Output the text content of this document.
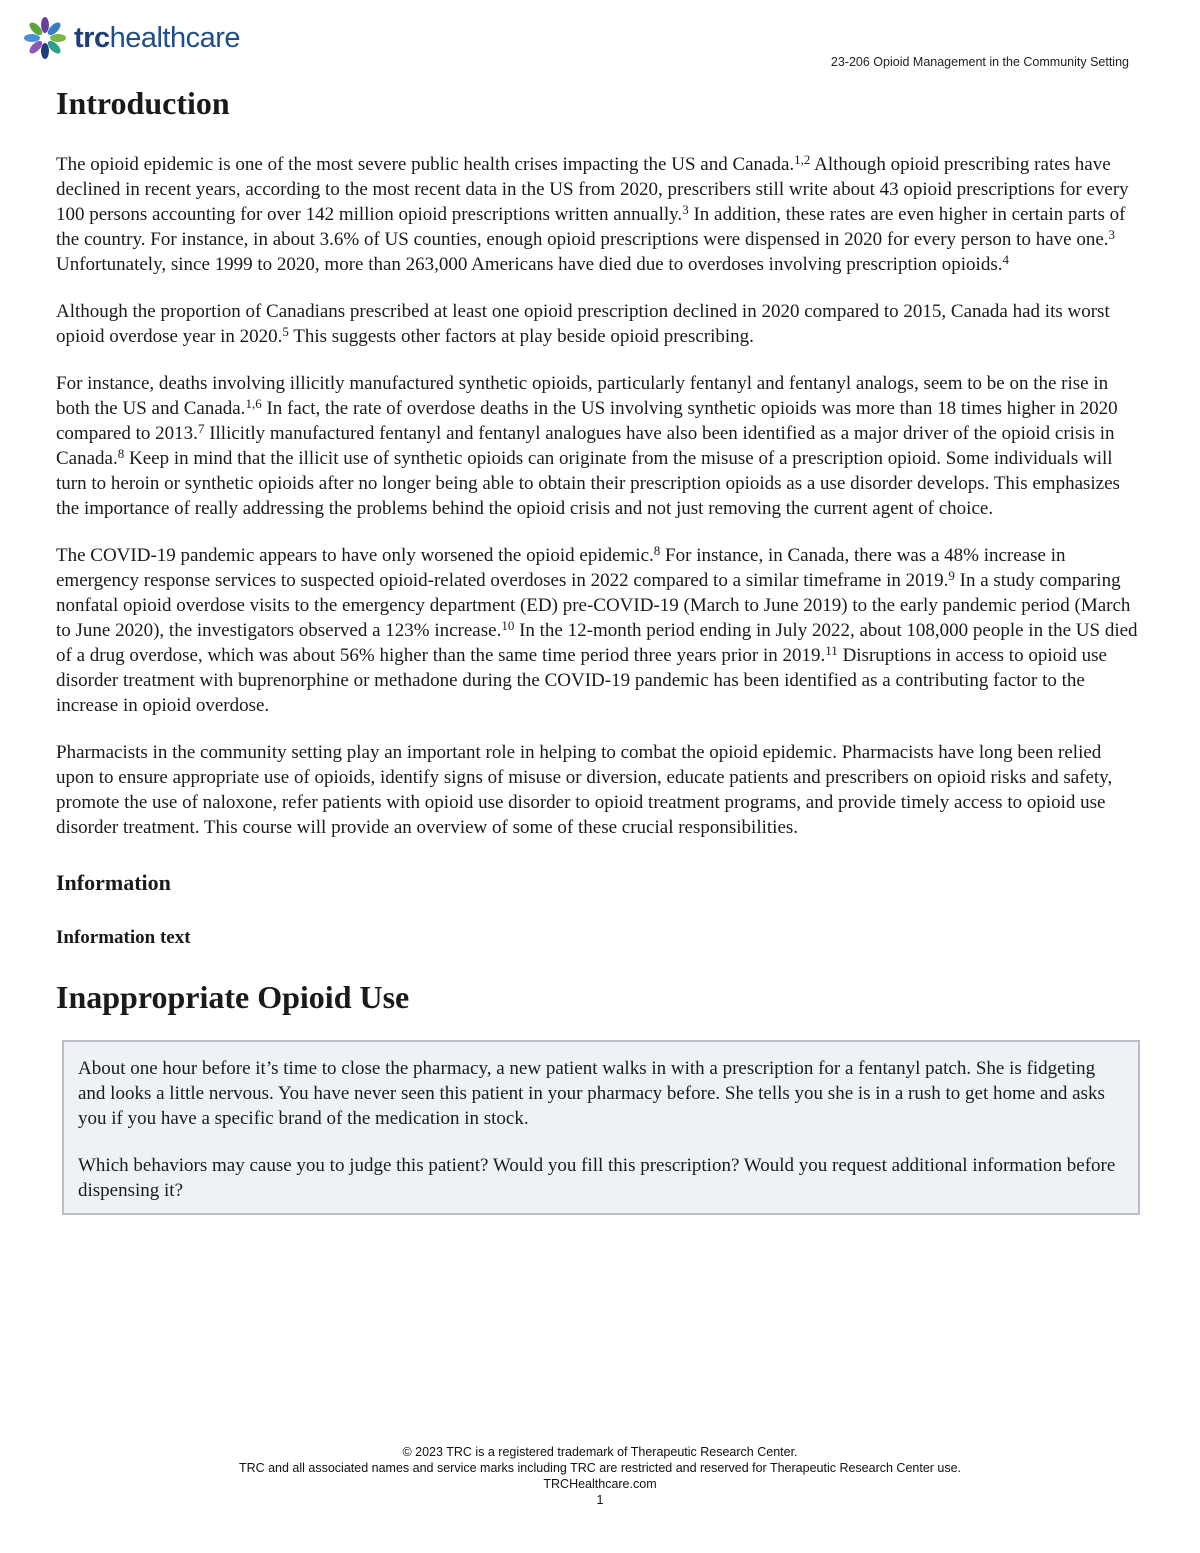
trchealthcare
23-206 Opioid Management in the Community Setting
Introduction

The opioid epidemic is one of the most severe public health crises impacting the US and Canada.$^{1,2}$ Although opioid prescribing rates have declined in recent years, according to the most recent data in the US from 2020, prescribers still write about 43 opioid prescriptions for every 100 persons accounting for over 142 million opioid prescriptions written annually.$^3$ In addition, these rates are even higher in certain parts of the country. For instance, in about 3.6% of US counties, enough opioid prescriptions were dispensed in 2020 for every person to have one.$^3$ Unfortunately, since 1999 to 2020, more than 263,000 Americans have died due to overdoses involving prescription opioids.$^4$

Although the proportion of Canadians prescribed at least one opioid prescription declined in 2020 compared to 2015, Canada had its worst opioid overdose year in 2020.$^5$ This suggests other factors at play beside opioid prescribing.

For instance, deaths involving illicitly manufactured synthetic opioids, particularly fentanyl and fentanyl analogs, seem to be on the rise in both the US and Canada.$^{1,6}$ In fact, the rate of overdose deaths in the US involving synthetic opioids was more than 18 times higher in 2020 compared to 2013.$^7$ Illicitly manufactured fentanyl and fentanyl analogues have also been identified as a major driver of the opioid crisis in Canada.$^8$ Keep in mind that the illicit use of synthetic opioids can originate from the misuse of a prescription opioid. Some individuals will turn to heroin or synthetic opioids after no longer being able to obtain their prescription opioids as a use disorder develops. This emphasizes the importance of really addressing the problems behind the opioid crisis and not just removing the current agent of choice.

The COVID-19 pandemic appears to have only worsened the opioid epidemic.$^8$ For instance, in Canada, there was a 48% increase in emergency response services to suspected opioid-related overdoses in 2022 compared to a similar timeframe in 2019.$^9$ In a study comparing nonfatal opioid overdose visits to the emergency department (ED) pre-COVID-19 (March to June 2019) to the early pandemic period (March to June 2020), the investigators observed a 123% increase.$^{10}$ In the 12-month period ending in July 2022, about 108,000 people in the US died of a drug overdose, which was about 56% higher than the same time period three years prior in 2019.11 Disruptions in access to opioid use disorder treatment with buprenorphine or methadone during the COVID-19 pandemic has been identified as a contributing factor to the increase in opioid overdose.

Pharmacists in the community setting play an important role in helping to combat the opioid epidemic. Pharmacists have long been relied upon to ensure appropriate use of opioids, identify signs of misuse or diversion, educate patients and prescribers on opioid risks and safety, promote the use of naloxone, refer patients with opioid use disorder to opioid treatment programs, and provide timely access to opioid use disorder treatment. This course will provide an overview of some of these crucial responsibilities.

Information
Information text
Inappropriate Opioid Use

About one hour before it’s time to close the pharmacy, a new patient walks in with a prescription for a fentanyl patch. She is fidgeting and looks a little nervous. You have never seen this patient in your pharmacy before. She tells you she is in a rush to get home and asks you if you have a specific brand of the medication in stock.

Which behaviors may cause you to judge this patient? Would you fill this prescription? Would you request additional information before dispensing it?

© 2023 TRC is a registered trademark of Therapeutic Research Center.
TRC and all associated names and service marks including TRC are restricted and reserved for Therapeutic Research Center use.
TRCHealthcare.com
1
